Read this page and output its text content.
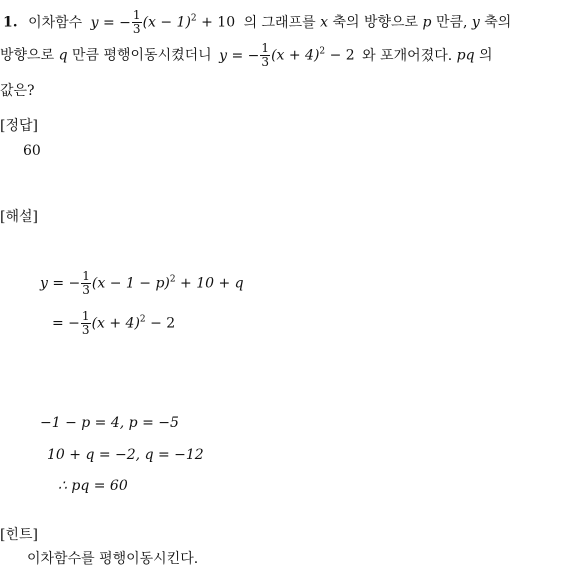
1. 이차함수 y = − $\frac{1}{3} (x - 1)^2 + 10$ 의 그래프를 x 축의 방향으로 p 만큼, y 축의
방향으로 q 만큼 평행이동시켰더니 y = − $\frac{1}{3} (x + 4)^2 - 2$ 와 포개어졌다. pq 의
값은?
[정답]
60
[해설]
y = − $\frac{1}{3} (x - 1 - p)^2 + 10 + q$
= − $\frac{1}{3} (x + 4)^2 - 2$
−1 − p = 4, p = −5
10 + q = −2, q = −12
∴ pq = 60
[힌트]
이차함수를 평행이동시킨다.
